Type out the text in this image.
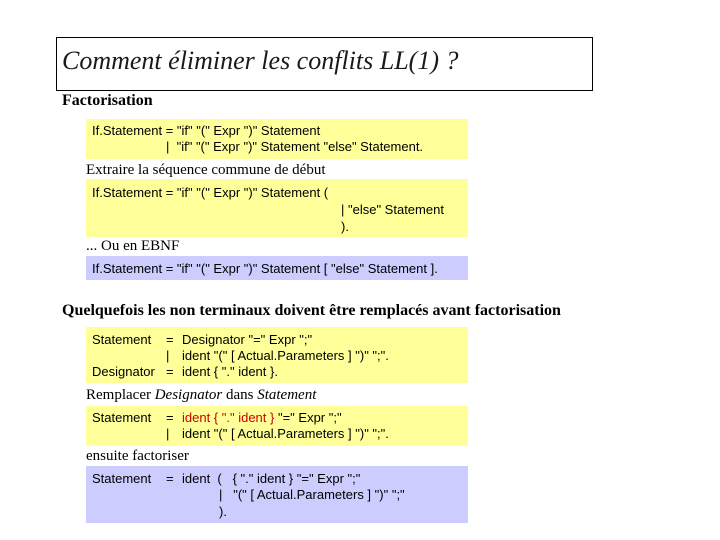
Comment éliminer les conflits LL(1) ?
Factorisation
If.Statement = "if" "(" Expr ")" Statement
|  "if" "(" Expr ")" Statement "else" Statement.
Extraire la séquence commune de début
If.Statement = "if" "(" Expr ")" Statement (
| "else" Statement
).
... Ou en EBNF
If.Statement = "if" "(" Expr ")" Statement [ "else" Statement ].
Quelquefois les non terminaux doivent être remplacés avant factorisation
Statement = Designator "=" Expr ";"
| ident "(" [ Actual.Parameters ] ")" ";".
Designator = ident { "." ident }.
Remplacer Designator dans Statement
Statement = ident { "." ident } "=" Expr ";"
| ident "(" [ Actual.Parameters ] ")" ";".
ensuite factoriser
Statement = ident  (   { "." ident } "=" Expr ";"
|   "(" [ Actual.Parameters ] ")" ";"
).
